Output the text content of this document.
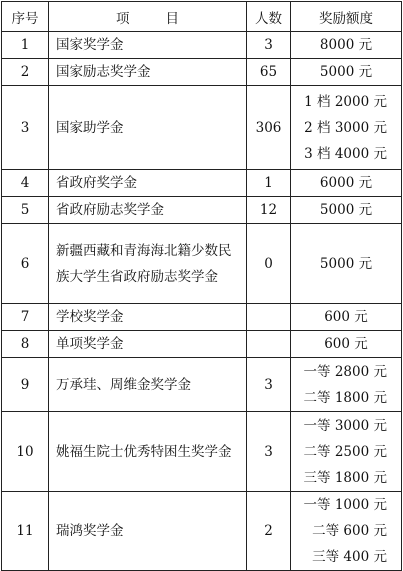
序号	项 目	人数	奖励额度
1	国家奖学金	3	8000 元

2	国家励志奖学金	65	5000 元

3	国家助学金	306	1 档 2000 元
2 档 3000 元
3 档 4000 元

4	省政府奖学金	1	6000 元

5	省政府励志奖学金	12	5000 元

6	新疆西藏和青海海北籍少数民族大学生省政府励志奖学金	0	5000 元

7	学校奖学金		600 元

8	单项奖学金		600 元

9	万承珪、周维金奖学金	3	一等 2800 元
二等 1800 元

10	姚福生院士优秀特困生奖学金	3	一等 3000 元
二等 2500 元
三等 1800 元

11	瑞鸿奖学金	2	一等 1000 元
二等 600 元
三等 400 元
